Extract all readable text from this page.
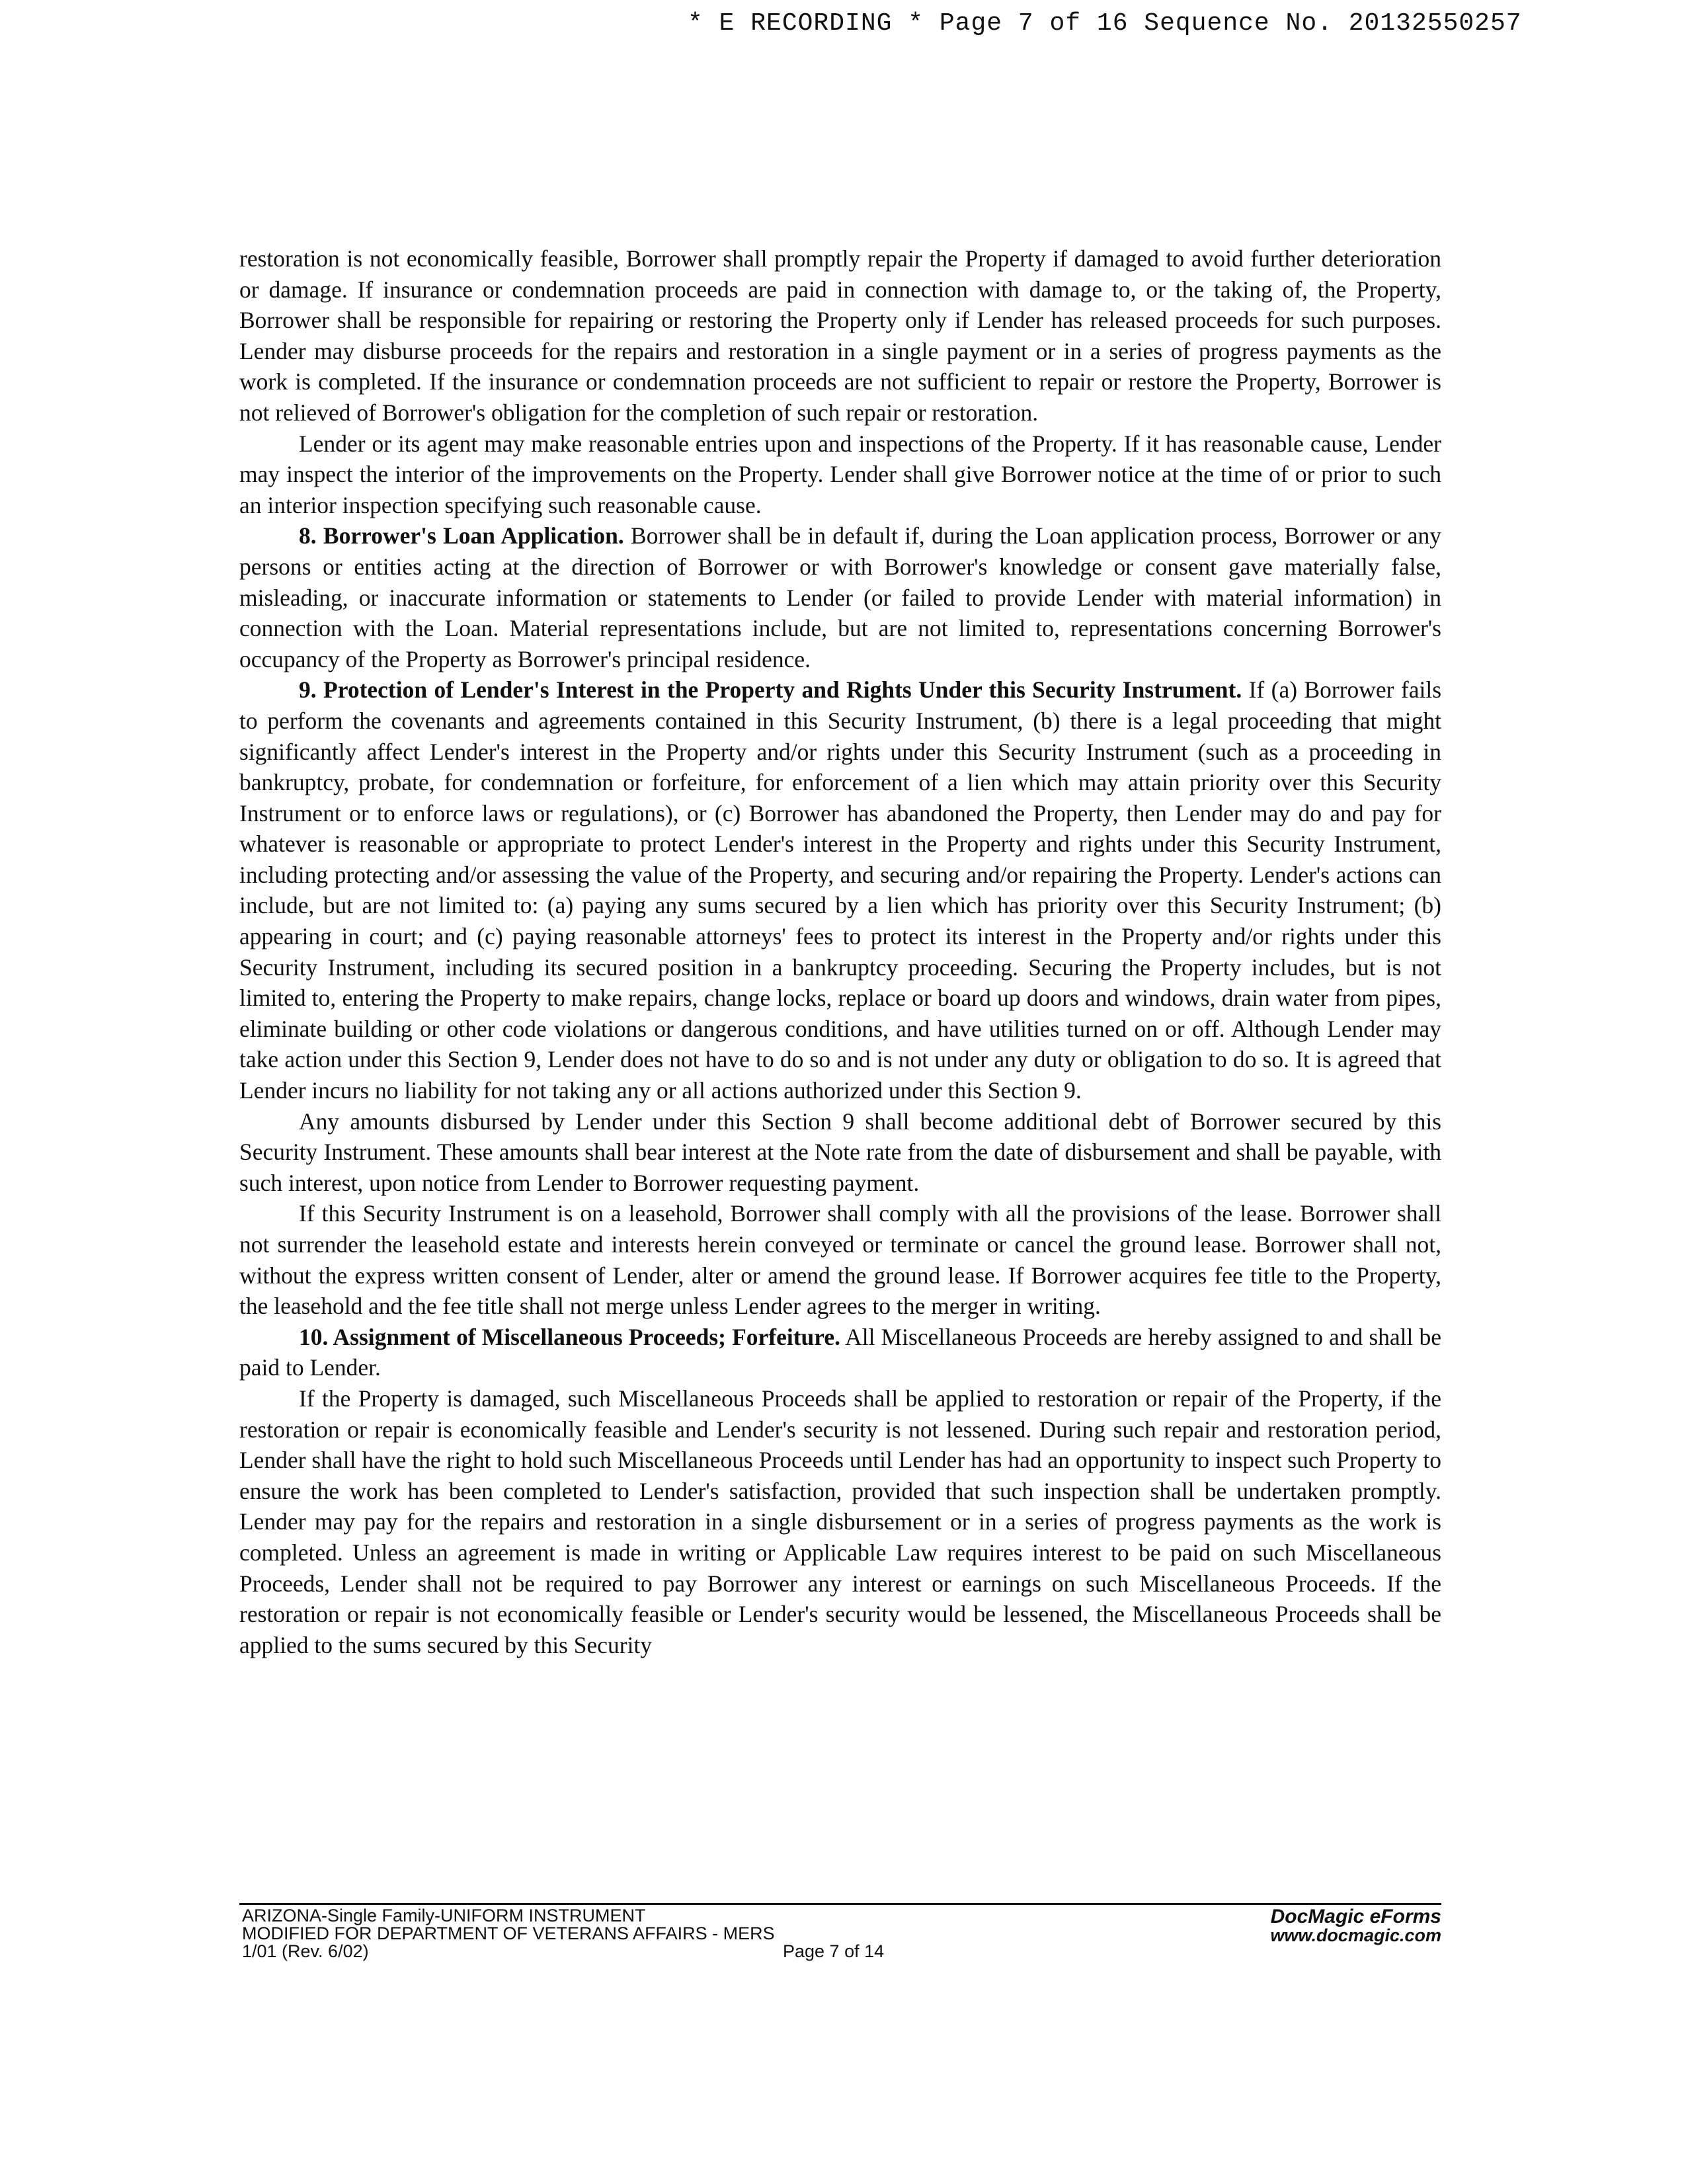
* E RECORDING * Page 7 of 16 Sequence No. 20132550257

restoration is not economically feasible, Borrower shall promptly repair the Property if damaged to avoid further deterioration or damage. If insurance or condemnation proceeds are paid in connection with damage to, or the taking of, the Property, Borrower shall be responsible for repairing or restoring the Property only if Lender has released proceeds for such purposes. Lender may disburse proceeds for the repairs and restoration in a single payment or in a series of progress payments as the work is completed. If the insurance or condemnation proceeds are not sufficient to repair or restore the Property, Borrower is not relieved of Borrower's obligation for the completion of such repair or restoration.

Lender or its agent may make reasonable entries upon and inspections of the Property. If it has reasonable cause, Lender may inspect the interior of the improvements on the Property. Lender shall give Borrower notice at the time of or prior to such an interior inspection specifying such reasonable cause.

8. Borrower's Loan Application. Borrower shall be in default if, during the Loan application process, Borrower or any persons or entities acting at the direction of Borrower or with Borrower's knowledge or consent gave materially false, misleading, or inaccurate information or statements to Lender (or failed to provide Lender with material information) in connection with the Loan. Material representations include, but are not limited to, representations concerning Borrower's occupancy of the Property as Borrower's principal residence.

9. Protection of Lender's Interest in the Property and Rights Under this Security Instrument. If (a) Borrower fails to perform the covenants and agreements contained in this Security Instrument, (b) there is a legal proceeding that might significantly affect Lender's interest in the Property and/or rights under this Security Instrument (such as a proceeding in bankruptcy, probate, for condemnation or forfeiture, for enforcement of a lien which may attain priority over this Security Instrument or to enforce laws or regulations), or (c) Borrower has abandoned the Property, then Lender may do and pay for whatever is reasonable or appropriate to protect Lender's interest in the Property and rights under this Security Instrument, including protecting and/or assessing the value of the Property, and securing and/or repairing the Property. Lender's actions can include, but are not limited to: (a) paying any sums secured by a lien which has priority over this Security Instrument; (b) appearing in court; and (c) paying reasonable attorneys' fees to protect its interest in the Property and/or rights under this Security Instrument, including its secured position in a bankruptcy proceeding. Securing the Property includes, but is not limited to, entering the Property to make repairs, change locks, replace or board up doors and windows, drain water from pipes, eliminate building or other code violations or dangerous conditions, and have utilities turned on or off. Although Lender may take action under this Section 9, Lender does not have to do so and is not under any duty or obligation to do so. It is agreed that Lender incurs no liability for not taking any or all actions authorized under this Section 9.

Any amounts disbursed by Lender under this Section 9 shall become additional debt of Borrower secured by this Security Instrument. These amounts shall bear interest at the Note rate from the date of disbursement and shall be payable, with such interest, upon notice from Lender to Borrower requesting payment.

If this Security Instrument is on a leasehold, Borrower shall comply with all the provisions of the lease. Borrower shall not surrender the leasehold estate and interests herein conveyed or terminate or cancel the ground lease. Borrower shall not, without the express written consent of Lender, alter or amend the ground lease. If Borrower acquires fee title to the Property, the leasehold and the fee title shall not merge unless Lender agrees to the merger in writing.

10. Assignment of Miscellaneous Proceeds; Forfeiture. All Miscellaneous Proceeds are hereby assigned to and shall be paid to Lender.

If the Property is damaged, such Miscellaneous Proceeds shall be applied to restoration or repair of the Property, if the restoration or repair is economically feasible and Lender's security is not lessened. During such repair and restoration period, Lender shall have the right to hold such Miscellaneous Proceeds until Lender has had an opportunity to inspect such Property to ensure the work has been completed to Lender's satisfaction, provided that such inspection shall be undertaken promptly. Lender may pay for the repairs and restoration in a single disbursement or in a series of progress payments as the work is completed. Unless an agreement is made in writing or Applicable Law requires interest to be paid on such Miscellaneous Proceeds, Lender shall not be required to pay Borrower any interest or earnings on such Miscellaneous Proceeds. If the restoration or repair is not economically feasible or Lender's security would be lessened, the Miscellaneous Proceeds shall be applied to the sums secured by this Security

ARIZONA-Single Family-UNIFORM INSTRUMENT
MODIFIED FOR DEPARTMENT OF VETERANS AFFAIRS - MERS
1/01 (Rev. 6/02)	Page 7 of 14
DocMagic eForms
www.docmagic.com
